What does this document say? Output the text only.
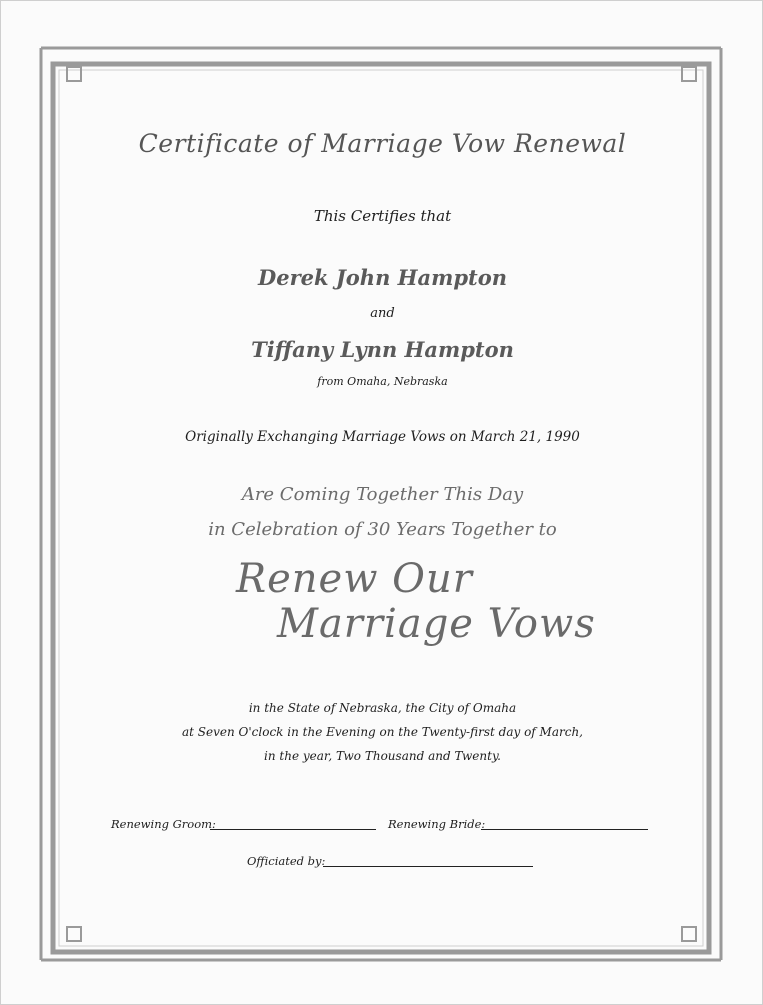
Certificate of Marriage Vow Renewal
This Certifies that
Derek John Hampton
and
Tiffany Lynn Hampton
from Omaha, Nebraska
Originally Exchanging Marriage Vows on March 21, 1990
Are Coming Together This Day
in Celebration of 30 Years Together to
Renew Our
Marriage Vows
in the State of Nebraska, the City of Omaha
at Seven O'clock in the Evening on the Twenty-first day of March,
in the year, Two Thousand and Twenty.
Renewing Groom:	Renewing Bride:
Officiated by:
